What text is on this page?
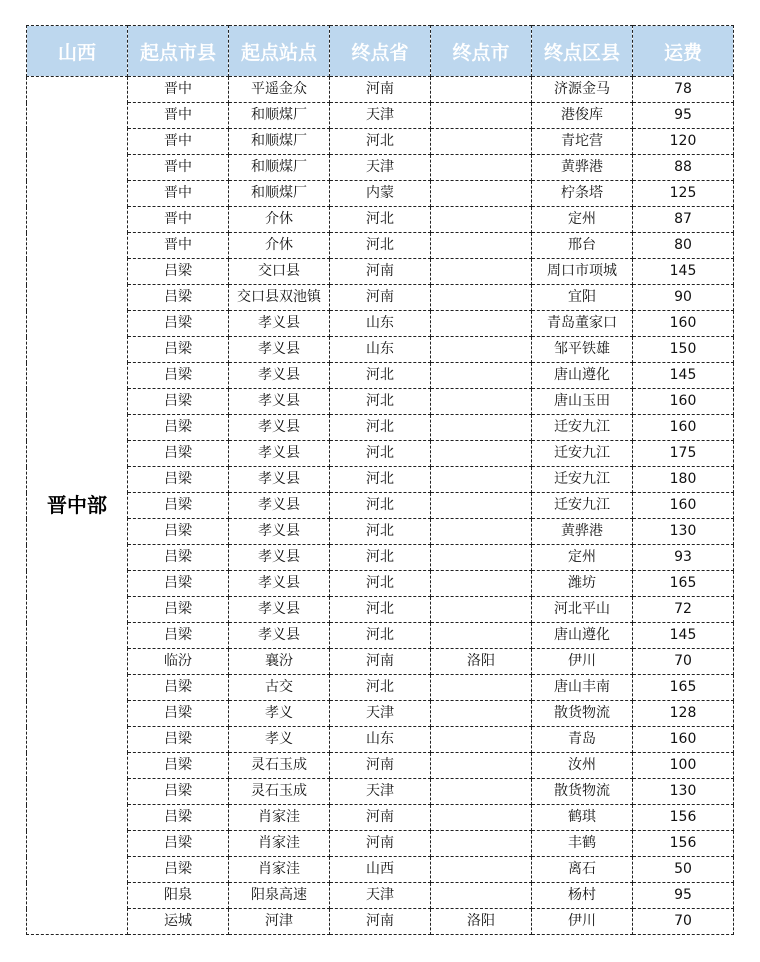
山西	起点市县	起点站点	终点省	终点市	终点区县	运费
晋中部	晋中	平遥金众	河南		济源金马	78
	晋中	和顺煤厂	天津		港俊库	95
	晋中	和顺煤厂	河北		青坨营	120
	晋中	和顺煤厂	天津		黄骅港	88
	晋中	和顺煤厂	内蒙		柠条塔	125
	晋中	介休	河北		定州	87
	晋中	介休	河北		邢台	80
	吕梁	交口县	河南		周口市项城	145
	吕梁	交口县双池镇	河南		宜阳	90
	吕梁	孝义县	山东		青岛董家口	160
	吕梁	孝义县	山东		邹平铁雄	150
	吕梁	孝义县	河北		唐山遵化	145
	吕梁	孝义县	河北		唐山玉田	160
	吕梁	孝义县	河北		迁安九江	160
	吕梁	孝义县	河北		迁安九江	175
	吕梁	孝义县	河北		迁安九江	180
	吕梁	孝义县	河北		迁安九江	160
	吕梁	孝义县	河北		黄骅港	130
	吕梁	孝义县	河北		定州	93
	吕梁	孝义县	河北		潍坊	165
	吕梁	孝义县	河北		河北平山	72
	吕梁	孝义县	河北		唐山遵化	145
	临汾	襄汾	河南	洛阳	伊川	70
	吕梁	古交	河北		唐山丰南	165
	吕梁	孝义	天津		散货物流	128
	吕梁	孝义	山东		青岛	160
	吕梁	灵石玉成	河南		汝州	100
	吕梁	灵石玉成	天津		散货物流	130
	吕梁	肖家洼	河南		鹤琪	156
	吕梁	肖家洼	河南		丰鹤	156
	吕梁	肖家洼	山西		离石	50
	阳泉	阳泉高速	天津		杨村	95
	运城	河津	河南	洛阳	伊川	70
